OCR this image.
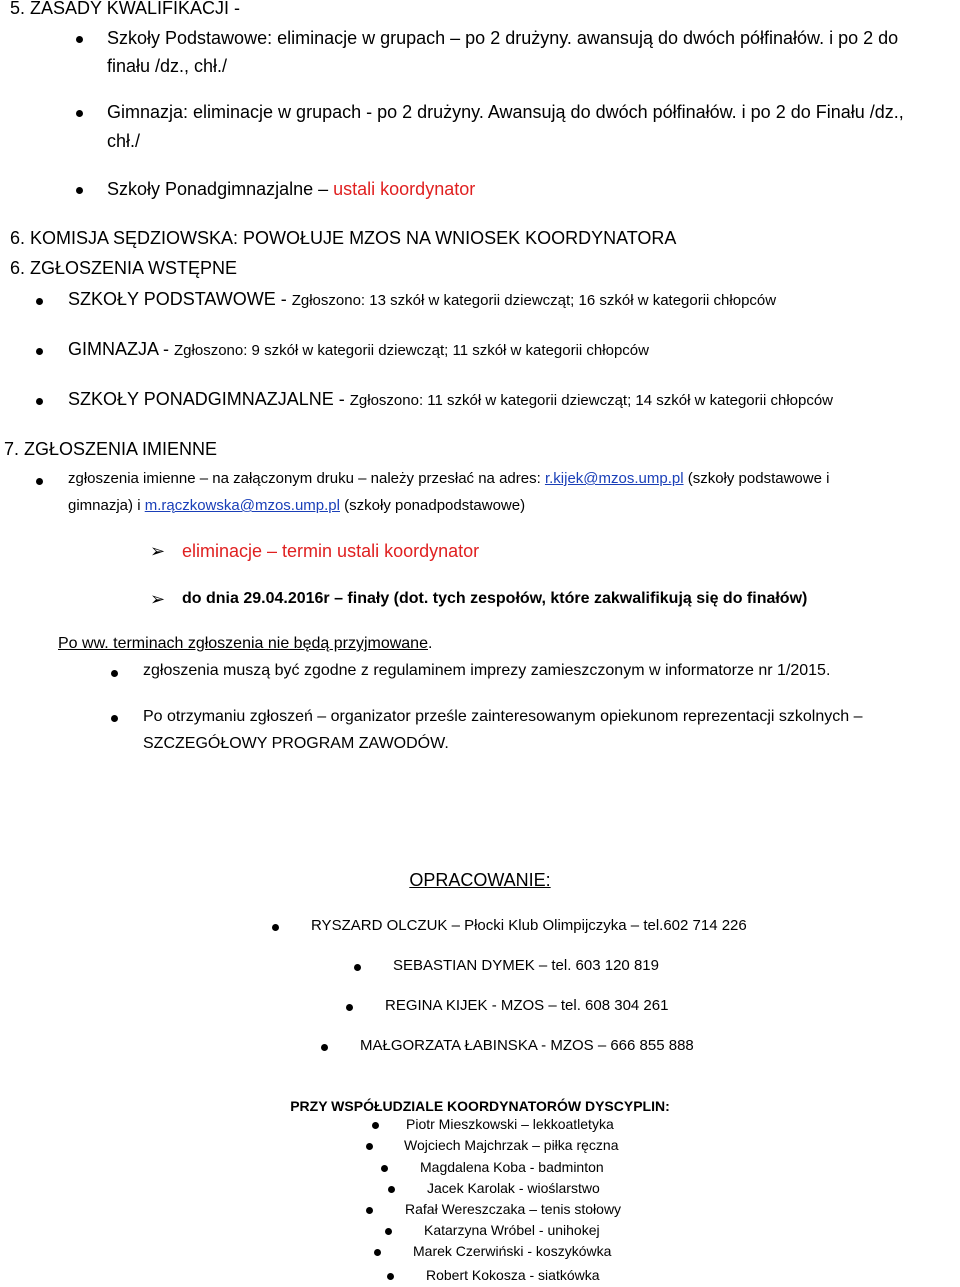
5. ZASADY KWALIFIKACJI -
Szkoły Podstawowe: eliminacje w grupach – po 2 drużyny. awansują do dwóch półfinałów. i po 2 do
finału /dz., chł./
Gimnazja: eliminacje w grupach - po 2 drużyny. Awansują do dwóch półfinałów. i po 2 do Finału /dz.,
chł./
Szkoły Ponadgimnazjalne – ustali koordynator
6. KOMISJA SĘDZIOWSKA: POWOŁUJE MZOS NA WNIOSEK KOORDYNATORA
6. ZGŁOSZENIA WSTĘPNE
SZKOŁY PODSTAWOWE - Zgłoszono: 13 szkół w kategorii dziewcząt; 16 szkół w kategorii chłopców
GIMNAZJA - Zgłoszono: 9 szkół w kategorii dziewcząt; 11 szkół w kategorii chłopców
SZKOŁY PONADGIMNAZJALNE - Zgłoszono: 11 szkół w kategorii dziewcząt; 14 szkół w kategorii chłopców
7. ZGŁOSZENIA IMIENNE
zgłoszenia imienne – na załączonym druku – należy przesłać na adres: r.kijek@mzos.ump.pl (szkoły podstawowe i
gimnazja) i m.rączkowska@mzos.ump.pl (szkoły ponadpodstawowe)
➢ eliminacje – termin ustali koordynator
➢ do dnia 29.04.2016r – finały (dot. tych zespołów, które zakwalifikują się do finałów)
Po ww. terminach zgłoszenia nie będą przyjmowane.
zgłoszenia muszą być zgodne z regulaminem imprezy zamieszczonym w informatorze nr 1/2015.
Po otrzymaniu zgłoszeń – organizator prześle zainteresowanym opiekunom reprezentacji szkolnych –
SZCZEGÓŁOWY PROGRAM ZAWODÓW.
OPRACOWANIE:
RYSZARD OLCZUK – Płocki Klub Olimpijczyka – tel.602 714 226
SEBASTIAN DYMEK – tel. 603 120 819
REGINA KIJEK - MZOS – tel. 608 304 261
MAŁGORZATA ŁABINSKA - MZOS – 666 855 888
PRZY WSPÓŁUDZIALE KOORDYNATORÓW DYSCYPLIN:
Piotr Mieszkowski – lekkoatletyka
Wojciech Majchrzak – piłka ręczna
Magdalena Koba - badminton
Jacek Karolak - wioślarstwo
Rafał Wereszczaka – tenis stołowy
Katarzyna Wróbel - unihokej
Marek Czerwiński - koszykówka
Robert Kokosza - siatkówka
